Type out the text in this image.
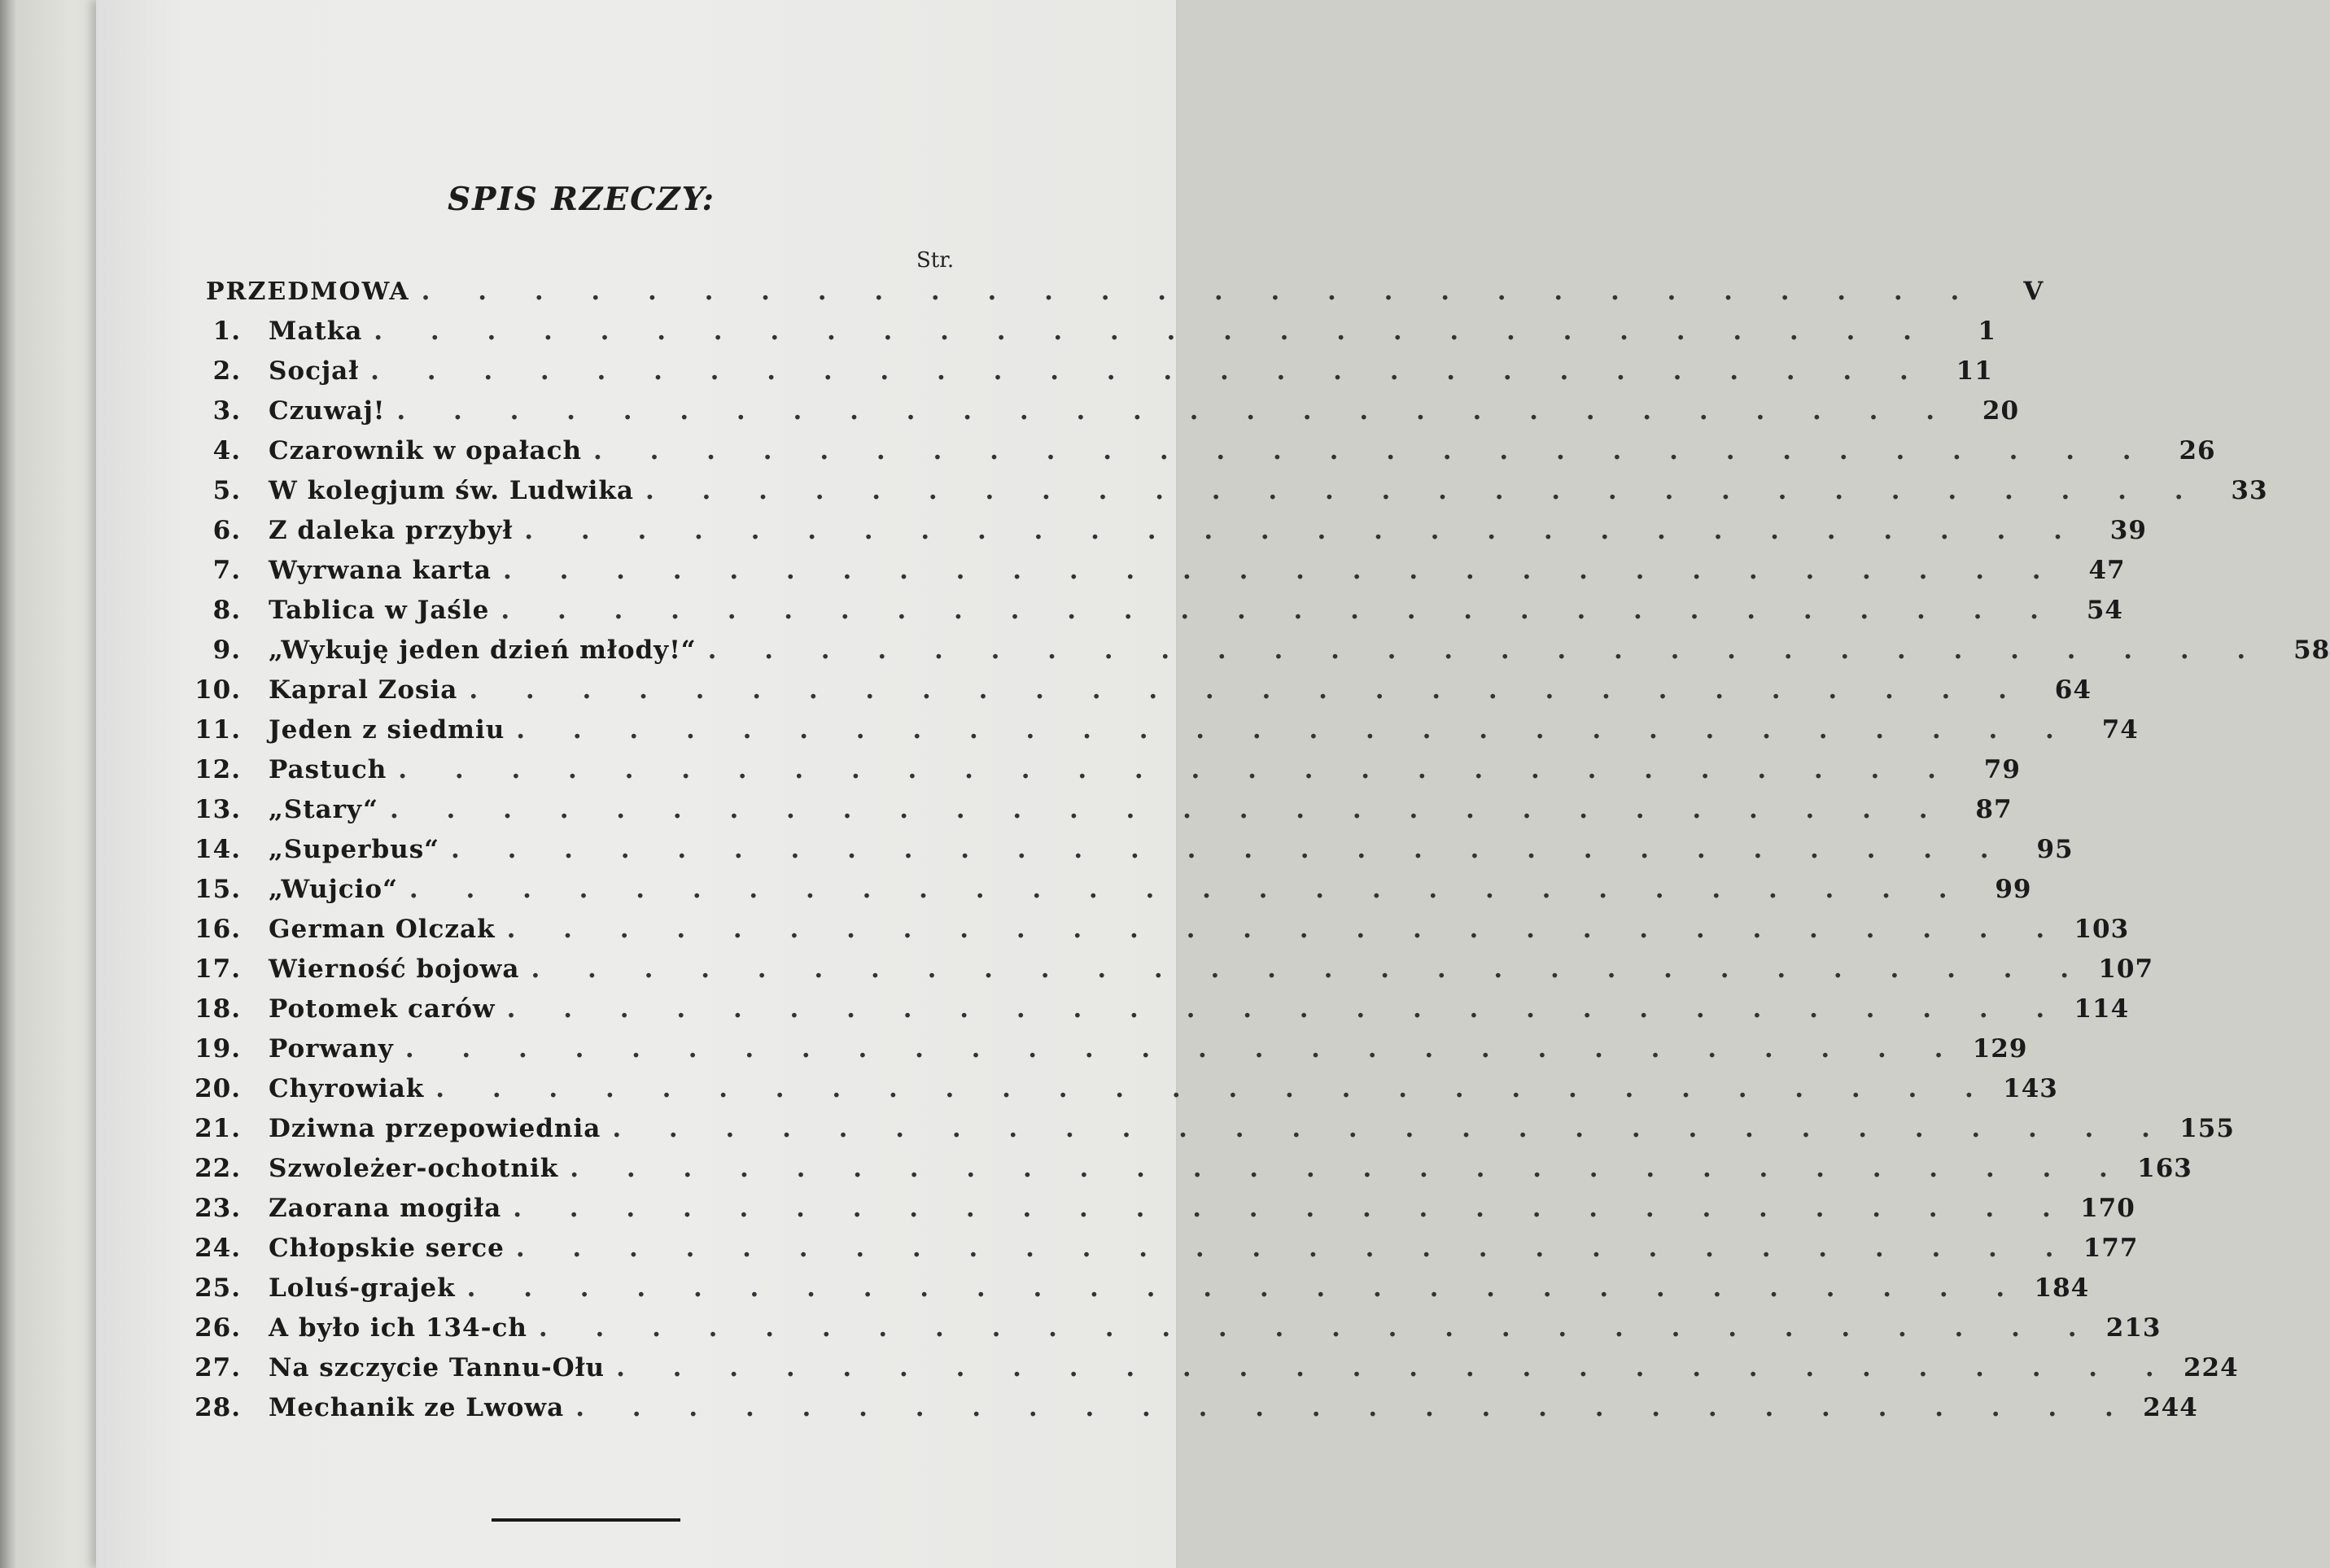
SPIS RZECZY:
Str.
PRZEDMOWA . . . . . . . . . . . . . . . . . . . . . . . . . . . .	V
1. Matka . . . . . . . . . . . . . . . . . . . . . . . . . . . .	1
2. Socjał . . . . . . . . . . . . . . . . . . . . . . . . . . . .	11
3. Czuwaj! . . . . . . . . . . . . . . . . . . . . . . . . . . . .	20
4. Czarownik w opałach . . . . . . . . . . . . . . . . . . . . . . . . . . . .	26
5. W kolegjum św. Ludwika . . . . . . . . . . . . . . . . . . . . . . . . . . . .	33
6. Z daleka przybył . . . . . . . . . . . . . . . . . . . . . . . . . . . .	39
7. Wyrwana karta . . . . . . . . . . . . . . . . . . . . . . . . . . . .	47
8. Tablica w Jaśle . . . . . . . . . . . . . . . . . . . . . . . . . . . .	54
9. „Wykuję jeden dzień młody!“ . . . . . . . . . . . . . . . . . . . . . . . . . . . .	58
10. Kapral Zosia . . . . . . . . . . . . . . . . . . . . . . . . . . . .	64
11. Jeden z siedmiu . . . . . . . . . . . . . . . . . . . . . . . . . . . .	74
12. Pastuch . . . . . . . . . . . . . . . . . . . . . . . . . . . .	79
13. „Stary“ . . . . . . . . . . . . . . . . . . . . . . . . . . . .	87
14. „Superbus“ . . . . . . . . . . . . . . . . . . . . . . . . . . . .	95
15. „Wujcio“ . . . . . . . . . . . . . . . . . . . . . . . . . . . .	99
16. German Olczak . . . . . . . . . . . . . . . . . . . . . . . . . . . . 103
17. Wierność bojowa . . . . . . . . . . . . . . . . . . . . . . . . . . . . 107
18. Potomek carów . . . . . . . . . . . . . . . . . . . . . . . . . . . . 114
19. Porwany . . . . . . . . . . . . . . . . . . . . . . . . . . . . 129
20. Chyrowiak . . . . . . . . . . . . . . . . . . . . . . . . . . . . 143
21. Dziwna przepowiednia . . . . . . . . . . . . . . . . . . . . . . . . . . . . 155
22. Szwoleżer-ochotnik . . . . . . . . . . . . . . . . . . . . . . . . . . . . 163
23. Zaorana mogiła . . . . . . . . . . . . . . . . . . . . . . . . . . . . 170
24. Chłopskie serce . . . . . . . . . . . . . . . . . . . . . . . . . . . . 177
25. Loluś-grajek . . . . . . . . . . . . . . . . . . . . . . . . . . . . 184
26. A było ich 134-ch . . . . . . . . . . . . . . . . . . . . . . . . . . . . 213
27. Na szczycie Tannu-Ołu . . . . . . . . . . . . . . . . . . . . . . . . . . . . 224
28. Mechanik ze Lwowa . . . . . . . . . . . . . . . . . . . . . . . . . . . . 244
